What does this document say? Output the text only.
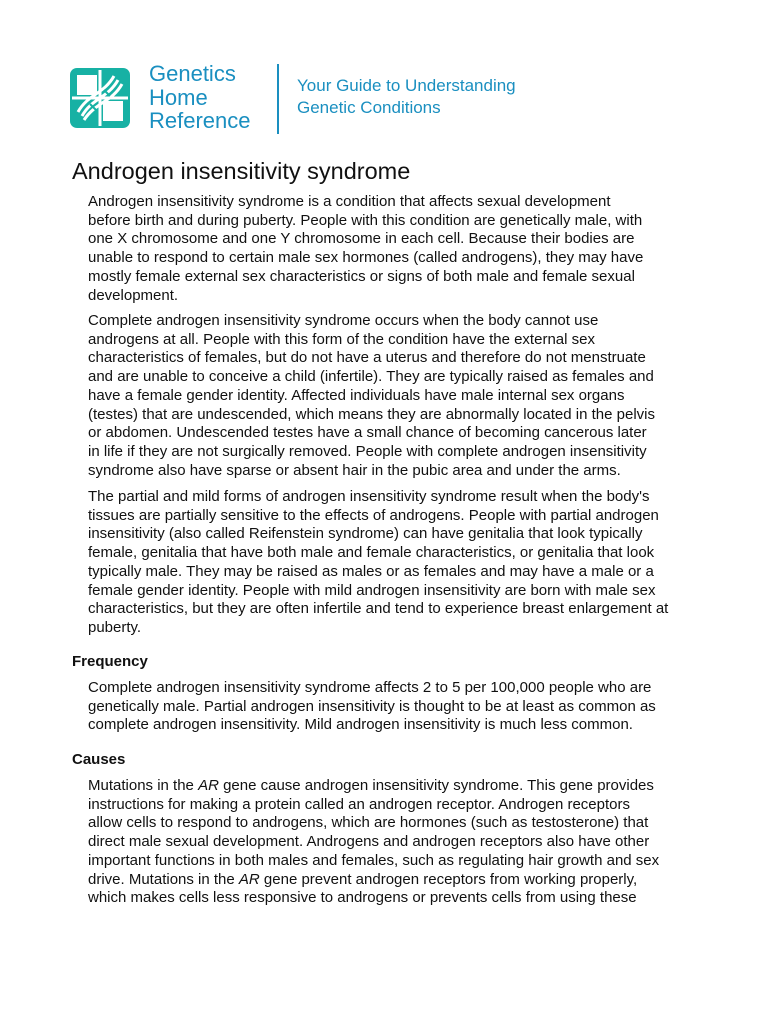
Genetics
Home
Reference
Your Guide to Understanding
Genetic Conditions
Androgen insensitivity syndrome

Androgen insensitivity syndrome is a condition that affects sexual development
before birth and during puberty. People with this condition are genetically male, with
one X chromosome and one Y chromosome in each cell. Because their bodies are
unable to respond to certain male sex hormones (called androgens), they may have
mostly female external sex characteristics or signs of both male and female sexual
development.

Complete androgen insensitivity syndrome occurs when the body cannot use
androgens at all. People with this form of the condition have the external sex
characteristics of females, but do not have a uterus and therefore do not menstruate
and are unable to conceive a child (infertile). They are typically raised as females and
have a female gender identity. Affected individuals have male internal sex organs
(testes) that are undescended, which means they are abnormally located in the pelvis
or abdomen. Undescended testes have a small chance of becoming cancerous later
in life if they are not surgically removed. People with complete androgen insensitivity
syndrome also have sparse or absent hair in the pubic area and under the arms.

The partial and mild forms of androgen insensitivity syndrome result when the body's
tissues are partially sensitive to the effects of androgens. People with partial androgen
insensitivity (also called Reifenstein syndrome) can have genitalia that look typically
female, genitalia that have both male and female characteristics, or genitalia that look
typically male. They may be raised as males or as females and may have a male or a
female gender identity. People with mild androgen insensitivity are born with male sex
characteristics, but they are often infertile and tend to experience breast enlargement at
puberty.

Frequency

Complete androgen insensitivity syndrome affects 2 to 5 per 100,000 people who are
genetically male. Partial androgen insensitivity is thought to be at least as common as
complete androgen insensitivity. Mild androgen insensitivity is much less common.

Causes

Mutations in the AR gene cause androgen insensitivity syndrome. This gene provides
instructions for making a protein called an androgen receptor. Androgen receptors
allow cells to respond to androgens, which are hormones (such as testosterone) that
direct male sexual development. Androgens and androgen receptors also have other
important functions in both males and females, such as regulating hair growth and sex
drive. Mutations in the AR gene prevent androgen receptors from working properly,
which makes cells less responsive to androgens or prevents cells from using these
